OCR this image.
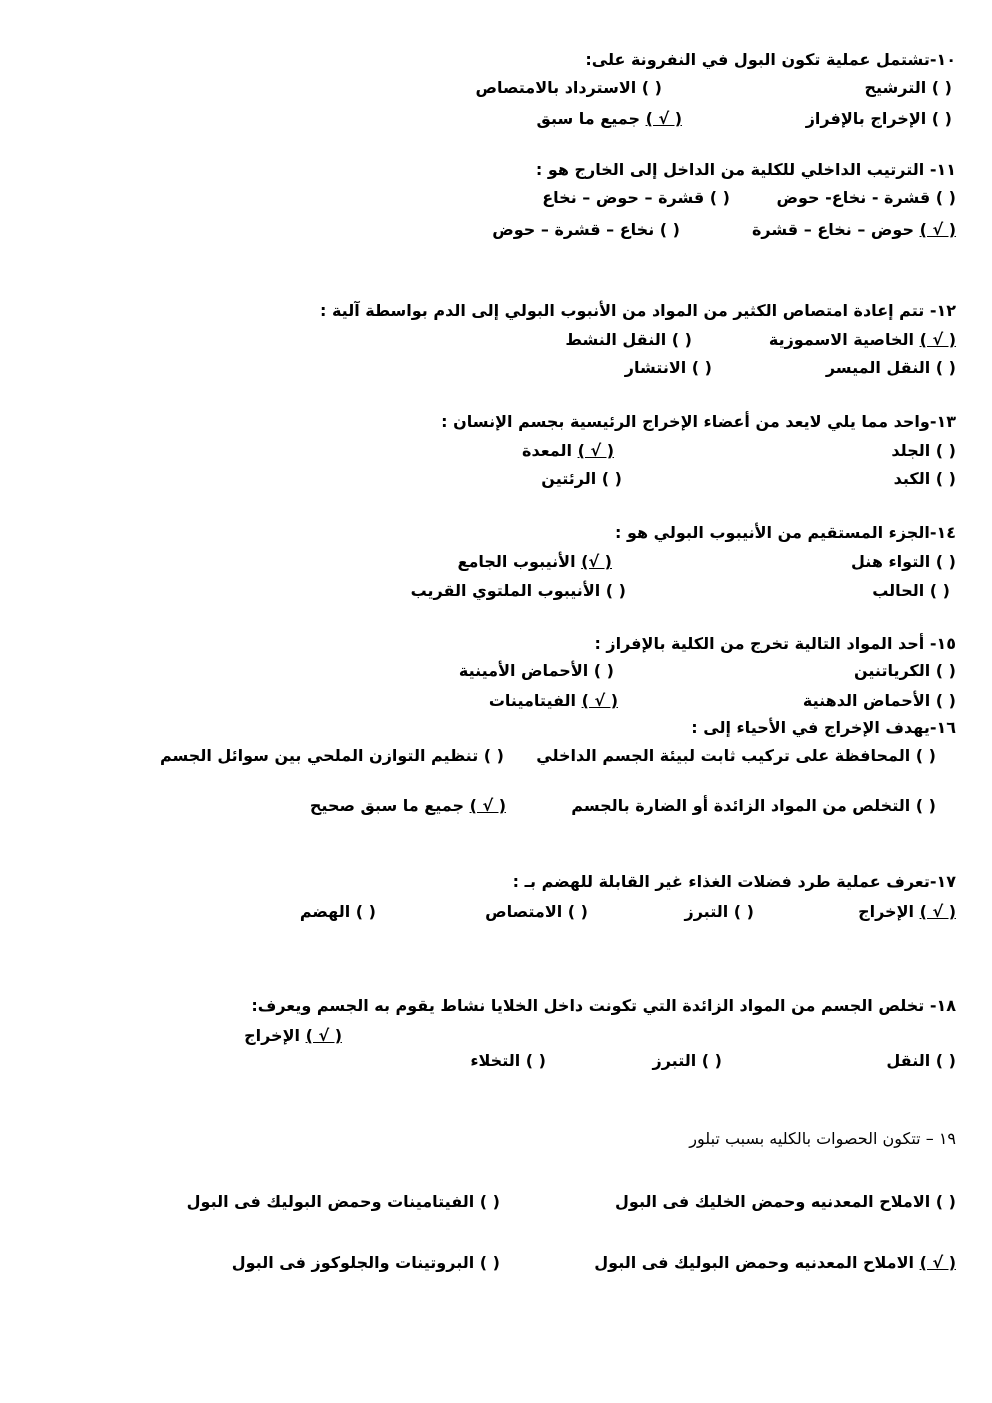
١٠-تشتمل عملية تكون البول في النفرونة على:
( ) الترشيح
( ) الاسترداد بالامتصاص
( ) الإخراج بالإفراز
( √ ) جميع ما سبق
١١- الترتيب الداخلي للكلية من الداخل إلى الخارج هو :
( ) قشرة - نخاع- حوض
( ) قشرة – حوض – نخاع
( √ ) حوض – نخاع – قشرة
( ) نخاع – قشرة – حوض
١٢- تتم إعادة امتصاص الكثير من المواد من الأنبوب البولي إلى الدم بواسطة آلية :
( √ ) الخاصية الاسموزية
( ) النقل النشط
( ) النقل الميسر
( ) الانتشار
١٣-واحد مما يلي لايعد من أعضاء الإخراج الرئيسية بجسم الإنسان :
( ) الجلد
( √ ) المعدة
( ) الكبد
( ) الرئتين
١٤-الجزء المستقيم من الأنيبوب البولي هو :
( ) التواء هنل
(√ ) الأنيبوب الجامع
( ) الحالب
( ) الأنيبوب الملتوي القريب
١٥- أحد المواد التالية تخرج من الكلية بالإفراز :
( ) الكرياتنين
( ) الأحماض الأمينية
( ) الأحماض الدهنية
( √ ) الفيتامينات
١٦-يهدف الإخراج في الأحياء إلى :
( ) المحافظة على تركيب ثابت لبيئة الجسم الداخلي
( ) تنظيم التوازن الملحي بين سوائل الجسم
( ) التخلص من المواد الزائدة أو الضارة بالجسم
( √ ) جميع ما سبق صحيح
١٧-تعرف عملية طرد فضلات الغذاء غير القابلة للهضم بـ :
( √ ) الإخراج
( ) التبرز
( ) الامتصاص
( ) الهضم
١٨- تخلص الجسم من المواد الزائدة التي تكونت داخل الخلايا نشاط يقوم به الجسم ويعرف:
( √ ) الإخراج
( ) النقل
( ) التبرز
( ) التخلاء
١٩ – تتكون الحصوات بالكليه بسبب تبلور
( ) الاملاح المعدنيه وحمض الخليك فى البول
( ) الفيتامينات وحمض البوليك فى البول
( √ ) الاملاح المعدنيه وحمض البوليك فى البول
( ) البروتينات والجلوكوز فى البول
